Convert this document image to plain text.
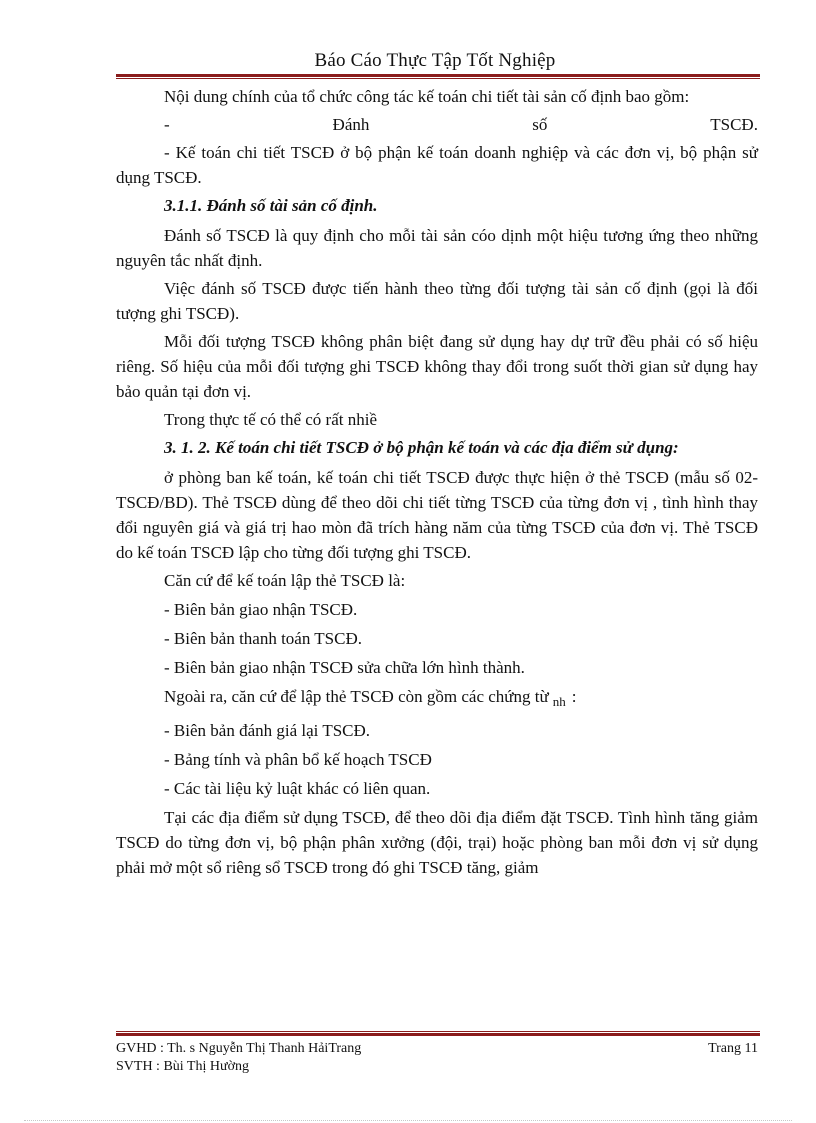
Báo Cáo Thực Tập Tốt Nghiệp

Nội dung chính của tổ chức công tác kế toán chi tiết tài sản cố định bao gồm:

-	Đánh	số	TSCĐ.

- Kế toán chi tiết TSCĐ ở bộ phận kế toán doanh nghiệp và các đơn vị, bộ phận sử dụng TSCĐ.

3.1.1. Đánh số tài sản cố định.

Đánh số TSCĐ là quy định cho mỗi tài sản cóo dịnh một hiệu tương ứng theo những nguyên tắc nhất định.

Việc đánh số TSCĐ được tiến hành theo từng đối tượng tài sản cố định (gọi là đối tượng ghi TSCĐ).

Mỗi đối tượng TSCĐ không phân biệt đang sử dụng hay dự trữ đều phải có số hiệu riêng. Số hiệu của mỗi đối tượng ghi TSCĐ không thay đổi trong suốt thời gian sử dụng hay bảo quản tại đơn vị.

Trong thực tế có thể có rất nhiề

3. 1. 2. Kế toán chi tiết TSCĐ ở bộ phận kế toán và các địa điểm sử dụng:

ở phòng ban kế toán, kế toán chi tiết TSCĐ được thực hiện ở thẻ TSCĐ (mẫu số 02- TSCĐ/BD). Thẻ TSCĐ dùng để theo dõi chi tiết từng TSCĐ của từng đơn vị , tình hình thay đổi nguyên giá và giá trị hao mòn đã trích hàng năm của từng TSCĐ của đơn vị. Thẻ TSCĐ do kế toán TSCĐ lập cho từng đối tượng ghi TSCĐ.

Căn cứ để kế toán lập thẻ TSCĐ là:

- Biên bản giao nhận TSCĐ.
- Biên bản thanh toán TSCĐ.
- Biên bản giao nhận TSCĐ sửa chữa lớn hình thành.

Ngoài ra, căn cứ để lập thẻ TSCĐ còn gồm các chứng từ $_{nh}$ :

- Biên bản đánh giá lại TSCĐ.
- Bảng tính và phân bổ kế hoạch TSCĐ
- Các tài liệu kỷ luật khác có liên quan.

Tại các địa điểm sử dụng TSCĐ, để theo dõi địa điểm đặt TSCĐ. Tình hình tăng giảm TSCĐ do từng đơn vị, bộ phận phân xưởng (đội, trại) hoặc phòng ban mỗi đơn vị sử dụng phải mở một sổ riêng sổ TSCĐ trong đó ghi TSCĐ tăng, giảm

GVHD : Th. s Nguyễn Thị Thanh HảiTrang	Trang 11
SVTH : Bùi Thị Hường
